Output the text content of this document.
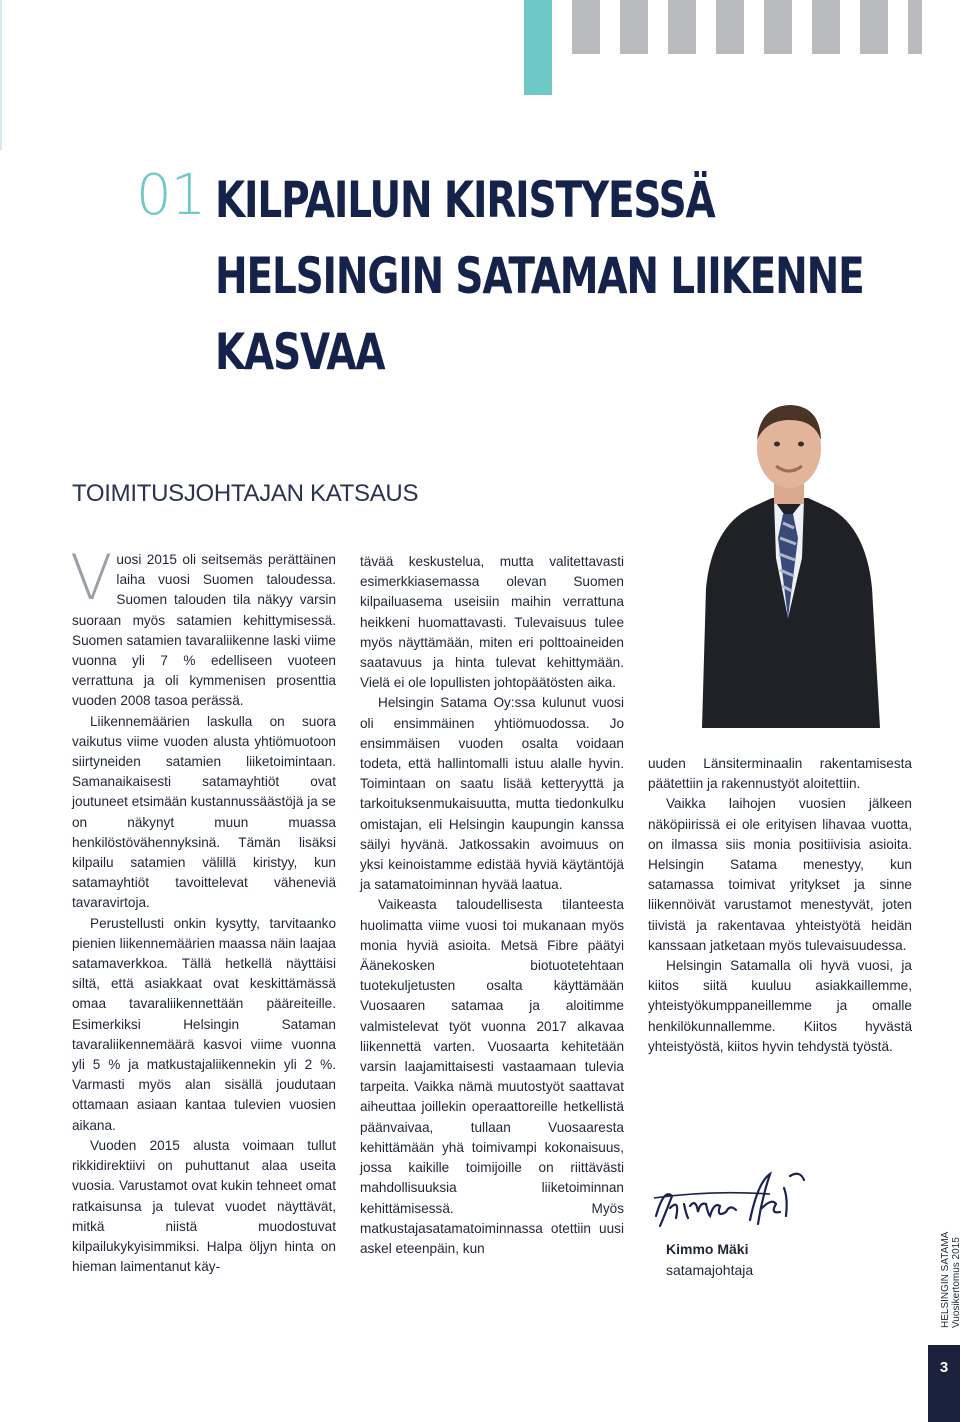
01 KILPAILUN KIRISTYESSÄ
HELSINGIN SATAMAN LIIKENNE
KASVAA
TOIMITUSJOHTAJAN KATSAUS

Vuosi 2015 oli seitsemäs perättäinen laiha vuosi Suomen taloudessa. Suomen talouden tila näkyy varsin suoraan myös satamien kehittymisessä. Suomen satamien tavaraliikenne laski viime vuonna yli 7 % edelliseen vuoteen verrattuna ja oli kymmenisen prosenttia vuoden 2008 tasoa perässä.

Liikennemäärien laskulla on suora vaikutus viime vuoden alusta yhtiömuotoon siirtyneiden satamien liiketoimintaan. Samanaikaisesti satamayhtiöt ovat joutuneet etsimään kustannussäästöjä ja se on näkynyt muun muassa henkilöstövähennyksinä. Tämän lisäksi kilpailu satamien välillä kiristyy, kun satamayhtiöt tavoittelevat väheneviä tavaravirtoja.

Perustellusti onkin kysytty, tarvitaanko pienien liikennemäärien maassa näin laajaa satamaverkkoa. Tällä hetkellä näyttäisi siltä, että asiakkaat ovat keskittämässä omaa tavaraliikennettään pääreiteille. Esimerkiksi Helsingin Sataman tavaraliikennemäärä kasvoi viime vuonna yli 5 % ja matkustajaliikennekin yli 2 %. Varmasti myös alan sisällä joudutaan ottamaan asiaan kantaa tulevien vuosien aikana.

Vuoden 2015 alusta voimaan tullut rikkidirektiivi on puhuttanut alaa useita vuosia. Varustamot ovat kukin tehneet omat ratkaisunsa ja tulevat vuodet näyttävät, mitkä niistä muodostuvat kilpailukykyisimmiksi. Halpa öljyn hinta on hieman laimentanut käy-

tävää keskustelua, mutta valitettavasti esimerkkiasemassa olevan Suomen kilpailuasema useisiin maihin verrattuna heikkeni huomattavasti. Tulevaisuus tulee myös näyttämään, miten eri polttoaineiden saatavuus ja hinta tulevat kehittymään. Vielä ei ole lopullisten johtopäätösten aika.

Helsingin Satama Oy:ssa kulunut vuosi oli ensimmäinen yhtiömuodossa. Jo ensimmäisen vuoden osalta voidaan todeta, että hallintomalli istuu alalle hyvin. Toimintaan on saatu lisää ketteryyttä ja tarkoituksenmukaisuutta, mutta tiedonkulku omistajan, eli Helsingin kaupungin kanssa säilyi hyvänä. Jatkossakin avoimuus on yksi keinoistamme edistää hyviä käytäntöjä ja satamatoiminnan hyvää laatua.

Vaikeasta taloudellisesta tilanteesta huolimatta viime vuosi toi mukanaan myös monia hyviä asioita. Metsä Fibre päätyi Äänekosken biotuotetehtaan tuotekuljetusten osalta käyttämään Vuosaaren satamaa ja aloitimme valmistelevat työt vuonna 2017 alkavaa liikennettä varten. Vuosaarta kehitetään varsin laajamittaisesti vastaamaan tulevia tarpeita. Vaikka nämä muutostyöt saattavat aiheuttaa joillekin operaattoreille hetkellistä päänvaivaa, tullaan Vuosaaresta kehittämään yhä toimivampi kokonaisuus, jossa kaikille toimijoille on riittävästi mahdollisuuksia liiketoiminnan kehittämisessä. Myös matkustajasatamatoiminnassa otettiin uusi askel eteenpäin, kun

uuden Länsiterminaalin rakentamisesta päätettiin ja rakennustyöt aloitettiin.

Vaikka laihojen vuosien jälkeen näköpiirissä ei ole erityisen lihavaa vuotta, on ilmassa siis monia positiivisia asioita. Helsingin Satama menestyy, kun satamassa toimivat yritykset ja sinne liikennöivät varustamot menestyvät, joten tiivistä ja rakentavaa yhteistyötä heidän kanssaan jatketaan myös tulevaisuudessa.

Helsingin Satamalla oli hyvä vuosi, ja kiitos siitä kuuluu asiakkaillemme, yhteistyökumppaneillemme ja omalle henkilökunnallemme. Kiitos hyvästä yhteistyöstä, kiitos hyvin tehdystä työstä.

Kimmo Mäki
satamajohtaja	HELSINGIN SATAMA Vuosikertomus 2015
3
